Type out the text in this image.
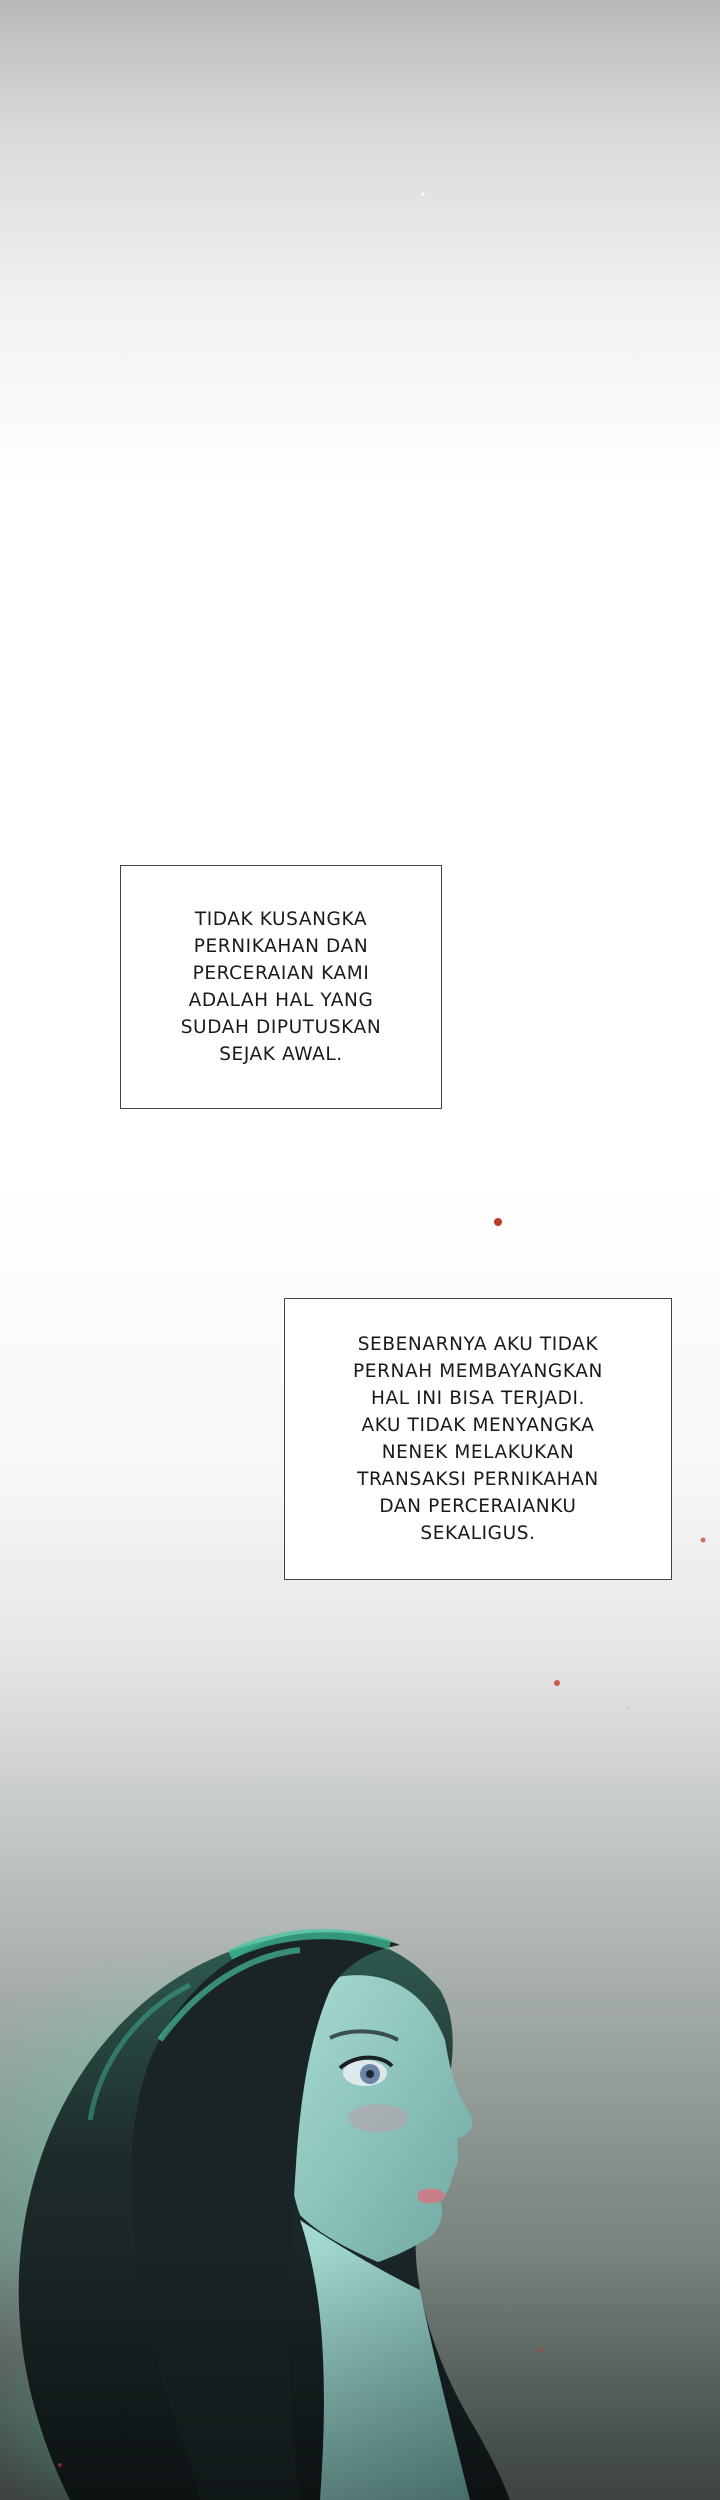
TIDAK KUSANGKA
PERNIKAHAN DAN
PERCERAIAN KAMI
ADALAH HAL YANG
SUDAH DIPUTUSKAN
SEJAK AWAL.
SEBENARNYA AKU TIDAK
PERNAH MEMBAYANGKAN
HAL INI BISA TERJADI.
AKU TIDAK MENYANGKA
NENEK MELAKUKAN
TRANSAKSI PERNIKAHAN
DAN PERCERAIANKU
SEKALIGUS.
